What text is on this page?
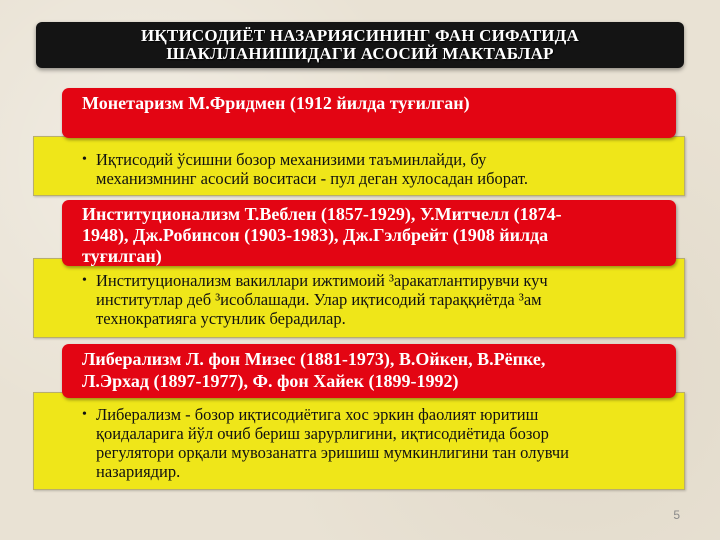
ИҚТИСОДИЁТ НАЗАРИЯСИНИНГ ФАН СИФАТИДА
ШАКЛЛАНИШИДАГИ АСОСИЙ МАКТАБЛАР
Монетаризм М.Фридмен (1912 йилда туғилган)
• Иқтисодий ўсишни бозор механизими таъминлайди, бу
механизмнинг асосий воситаси - пул деган хулосадан иборат.
Институционализм Т.Веблен (1857-1929), У.Митчелл (1874-
1948), Дж.Робинсон (1903-1983), Дж.Гэлбрейт (1908 йилда
туғилган)
• Институционализм вакиллари ижтимоий ³аракатлантирувчи куч
институтлар деб ³исоблашади. Улар иқтисодий тараққиётда ³ам
технократияга устунлик берадилар.
Либерализм Л. фон Мизес (1881-1973), В.Ойкен, В.Рёпке,
Л.Эрхад (1897-1977), Ф. фон Хайек (1899-1992)
• Либерализм - бозор иқтисодиётига хос эркин фаолият юритиш
қоидаларига йўл очиб бериш зарурлигини, иқтисодиётида бозор
регулятори орқали мувозанатга эришиш мумкинлигини тан олувчи
назариядир.
5
